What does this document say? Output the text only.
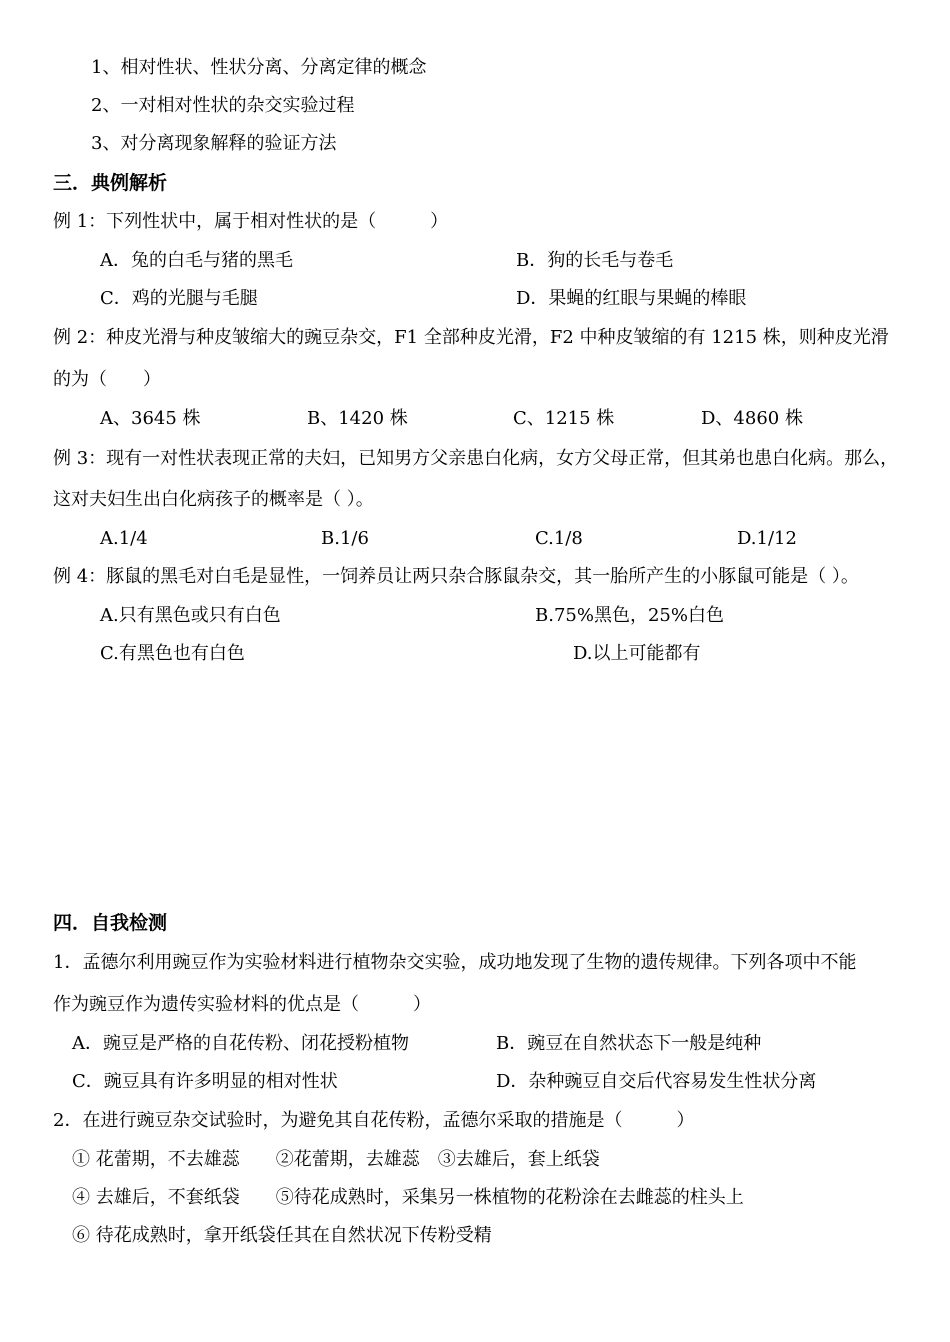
1、相对性状、性状分离、分离定律的概念
2、一对相对性状的杂交实验过程
3、对分离现象解释的验证方法
三．典例解析
例 1：下列性状中，属于相对性状的是（　　　）
A．兔的白毛与猪的黑毛	B．狗的长毛与卷毛
C．鸡的光腿与毛腿	D．果蝇的红眼与果蝇的棒眼
例 2：种皮光滑与种皮皱缩大的豌豆杂交，F1 全部种皮光滑，F2 中种皮皱缩的有 1215 株，则种皮光滑
的为（　　）
A、3645 株	B、1420 株	C、1215 株	D、4860 株
例 3：现有一对性状表现正常的夫妇，已知男方父亲患白化病，女方父母正常，但其弟也患白化病。那么，
这对夫妇生出白化病孩子的概率是（ ）。
A.1/4	B.1/6	C.1/8	D.1/12
例 4：豚鼠的黑毛对白毛是显性，一饲养员让两只杂合豚鼠杂交，其一胎所产生的小豚鼠可能是（ ）。
A.只有黑色或只有白色	B.75%黑色，25%白色
C.有黑色也有白色	D.以上可能都有
四．自我检测
1．孟德尔利用豌豆作为实验材料进行植物杂交实验，成功地发现了生物的遗传规律。下列各项中不能
作为豌豆作为遗传实验材料的优点是（　　　）
A．豌豆是严格的自花传粉、闭花授粉植物	B．豌豆在自然状态下一般是纯种
C．豌豆具有许多明显的相对性状	D．杂种豌豆自交后代容易发生性状分离
2．在进行豌豆杂交试验时，为避免其自花传粉，孟德尔采取的措施是（　　　）
① 花蕾期，不去雄蕊　　②花蕾期，去雄蕊　③去雄后，套上纸袋
④ 去雄后，不套纸袋　　⑤待花成熟时，采集另一株植物的花粉涂在去雌蕊的柱头上
⑥ 待花成熟时，拿开纸袋任其在自然状况下传粉受精
